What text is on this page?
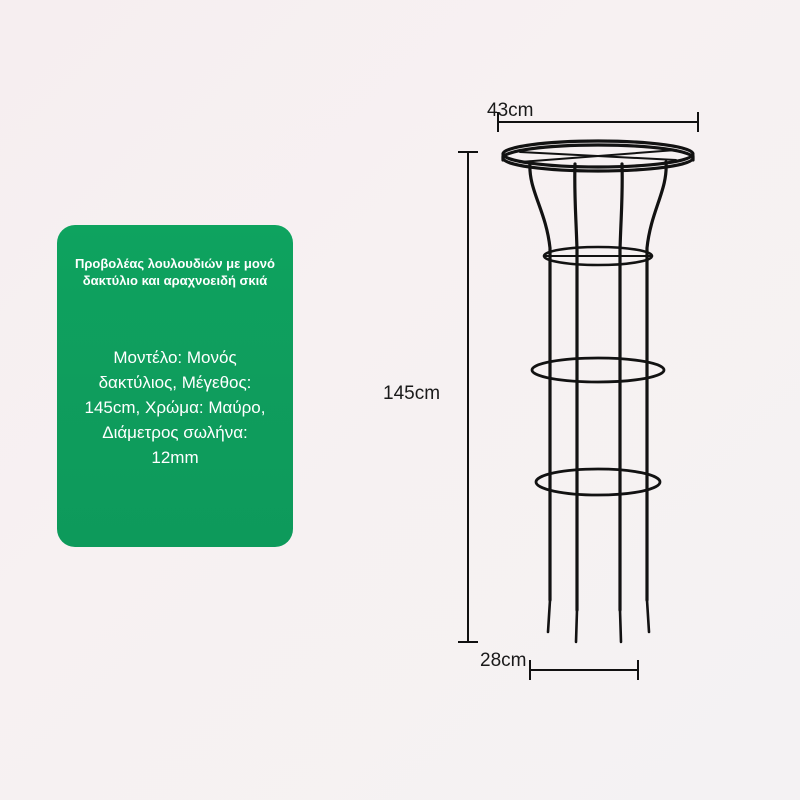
Προβολέας λουλουδιών με μονό δακτύλιο και αραχνοειδή σκιά
Μοντέλο: Μονός δακτύλιος, Μέγεθος: 145cm, Χρώμα: Μαύρο, Διάμετρος σωλήνα: 12mm
43cm
145cm
28cm
